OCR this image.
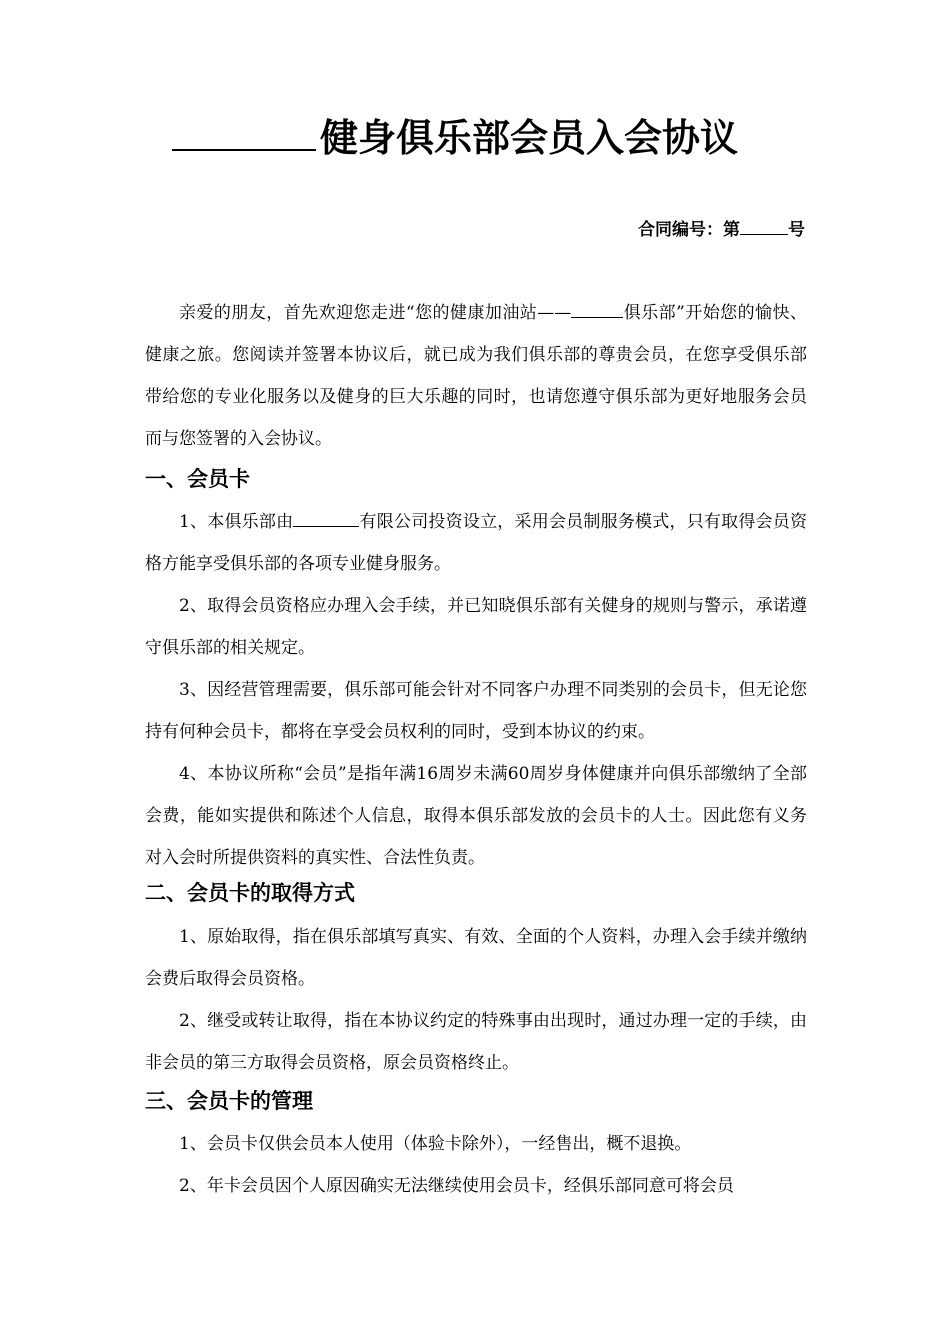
健身俱乐部会员入会协议
合同编号：第	号

亲爱的朋友，首先欢迎您走进“您的健康加油站——	俱乐部”开始您的愉快、健康之旅。您阅读并签署本协议后，就已成为我们俱乐部的尊贵会员，在您享受俱乐部带给您的专业化服务以及健身的巨大乐趣的同时，也请您遵守俱乐部为更好地服务会员而与您签署的入会协议。

一、会员卡

1、本俱乐部由	有限公司投资设立，采用会员制服务模式，只有取得会员资格方能享受俱乐部的各项专业健身服务。

2、取得会员资格应办理入会手续，并已知晓俱乐部有关健身的规则与警示，承诺遵守俱乐部的相关规定。

3、因经营管理需要，俱乐部可能会针对不同客户办理不同类别的会员卡，但无论您持有何种会员卡，都将在享受会员权利的同时，受到本协议的约束。

4、本协议所称“会员”是指年满16周岁未满60周岁身体健康并向俱乐部缴纳了全部会费，能如实提供和陈述个人信息，取得本俱乐部发放的会员卡的人士。因此您有义务对入会时所提供资料的真实性、合法性负责。

二、会员卡的取得方式

1、原始取得，指在俱乐部填写真实、有效、全面的个人资料，办理入会手续并缴纳会费后取得会员资格。

2、继受或转让取得，指在本协议约定的特殊事由出现时，通过办理一定的手续，由非会员的第三方取得会员资格，原会员资格终止。

三、会员卡的管理

1、会员卡仅供会员本人使用（体验卡除外），一经售出，概不退换。

2、年卡会员因个人原因确实无法继续使用会员卡，经俱乐部同意可将会员
